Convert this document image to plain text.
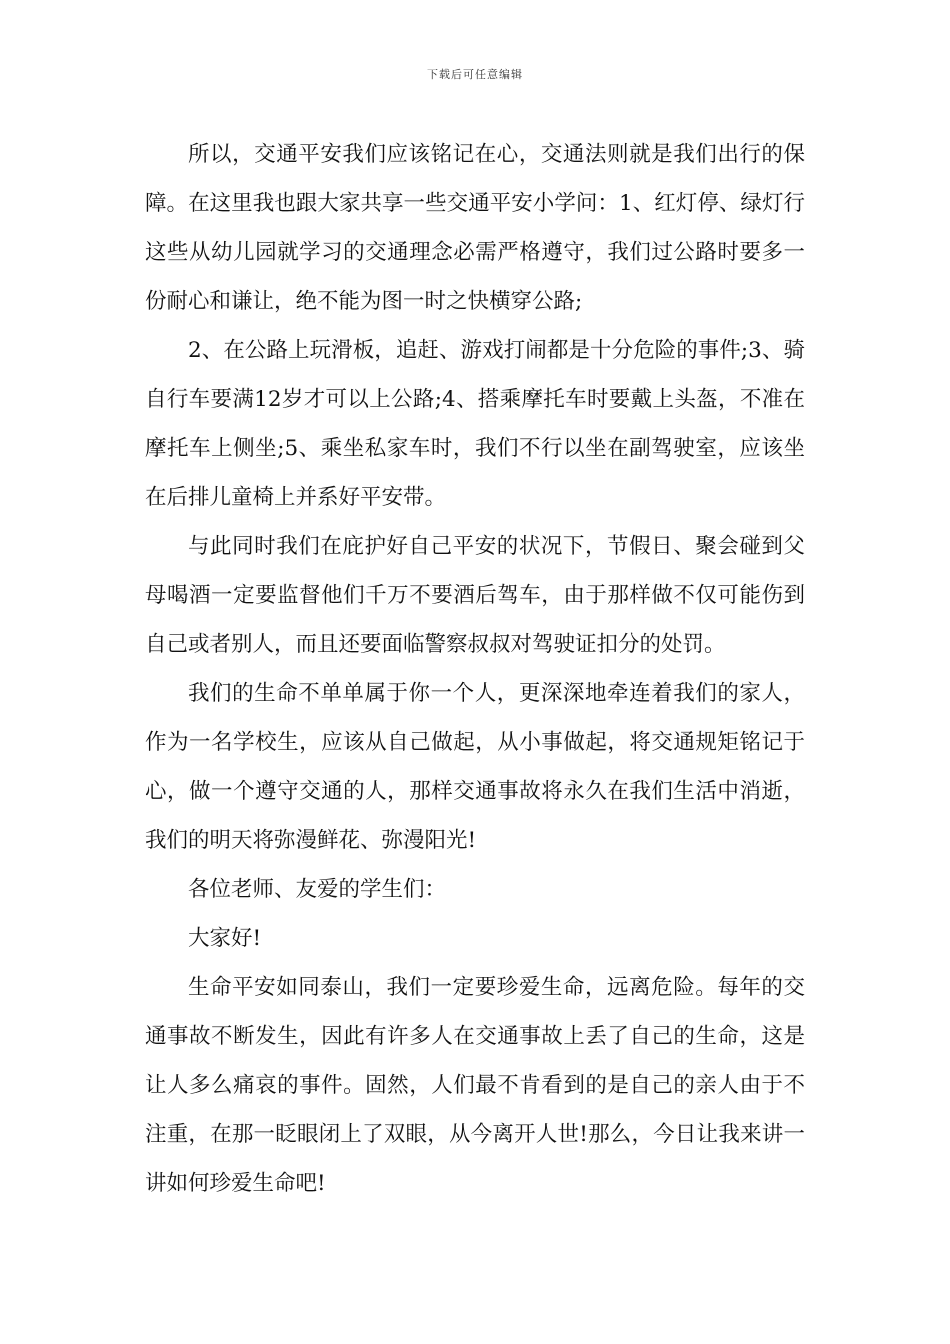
下载后可任意编辑

所以，交通平安我们应该铭记在心，交通法则就是我们出行的保障。在这里我也跟大家共享一些交通平安小学问：1、红灯停、绿灯行这些从幼儿园就学习的交通理念必需严格遵守，我们过公路时要多一份耐心和谦让，绝不能为图一时之快横穿公路;

2、在公路上玩滑板，追赶、游戏打闹都是十分危险的事件;3、骑自行车要满12岁才可以上公路;4、搭乘摩托车时要戴上头盔，不准在摩托车上侧坐;5、乘坐私家车时，我们不行以坐在副驾驶室，应该坐在后排儿童椅上并系好平安带。

与此同时我们在庇护好自己平安的状况下，节假日、聚会碰到父母喝酒一定要监督他们千万不要酒后驾车，由于那样做不仅可能伤到自己或者别人，而且还要面临警察叔叔对驾驶证扣分的处罚。

我们的生命不单单属于你一个人，更深深地牵连着我们的家人，作为一名学校生，应该从自己做起，从小事做起，将交通规矩铭记于心，做一个遵守交通的人，那样交通事故将永久在我们生活中消逝，我们的明天将弥漫鲜花、弥漫阳光!

各位老师、友爱的学生们：

大家好!

生命平安如同泰山，我们一定要珍爱生命，远离危险。每年的交通事故不断发生，因此有许多人在交通事故上丢了自己的生命，这是让人多么痛哀的事件。固然，人们最不肯看到的是自己的亲人由于不注重，在那一眨眼闭上了双眼，从今离开人世!那么，今日让我来讲一讲如何珍爱生命吧!
